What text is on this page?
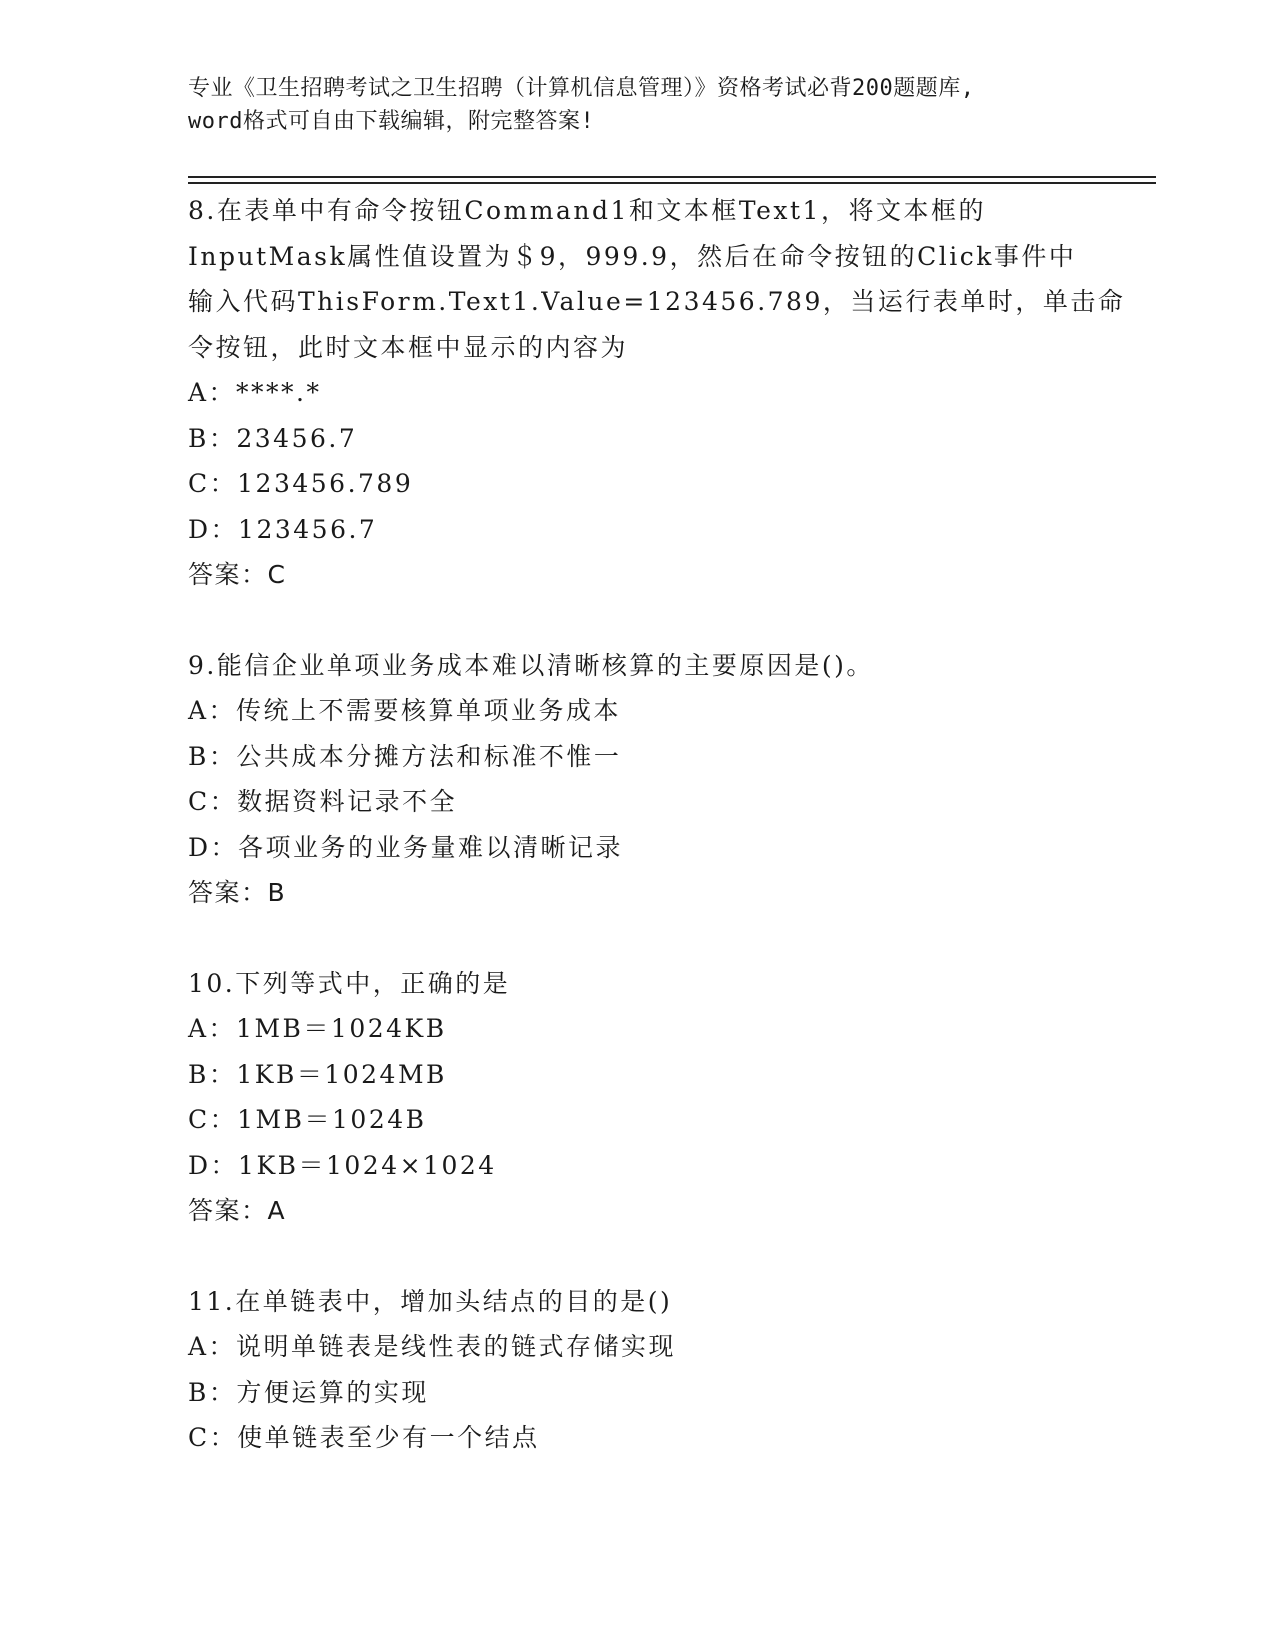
专业《卫生招聘考试之卫生招聘（计算机信息管理）》资格考试必背200题题库,
word格式可自由下载编辑，附完整答案!
8.在表单中有命令按钮Command1和文本框Text1，将文本框的
InputMask属性值设置为＄9，999.9，然后在命令按钮的Click事件中
输入代码ThisForm.Text1.Value=123456.789，当运行表单时，单击命
令按钮，此时文本框中显示的内容为
A：****.*
B：23456.7
C：123456.789
D：123456.7
答案：C
9.能信企业单项业务成本难以清晰核算的主要原因是()。
A：传统上不需要核算单项业务成本
B：公共成本分摊方法和标准不惟一
C：数据资料记录不全
D：各项业务的业务量难以清晰记录
答案：B
10.下列等式中，正确的是
A：1MB＝1024KB
B：1KB＝1024MB
C：1MB＝1024B
D：1KB＝1024×1024
答案：A
11.在单链表中，增加头结点的目的是()
A：说明单链表是线性表的链式存储实现
B：方便运算的实现
C：使单链表至少有一个结点
